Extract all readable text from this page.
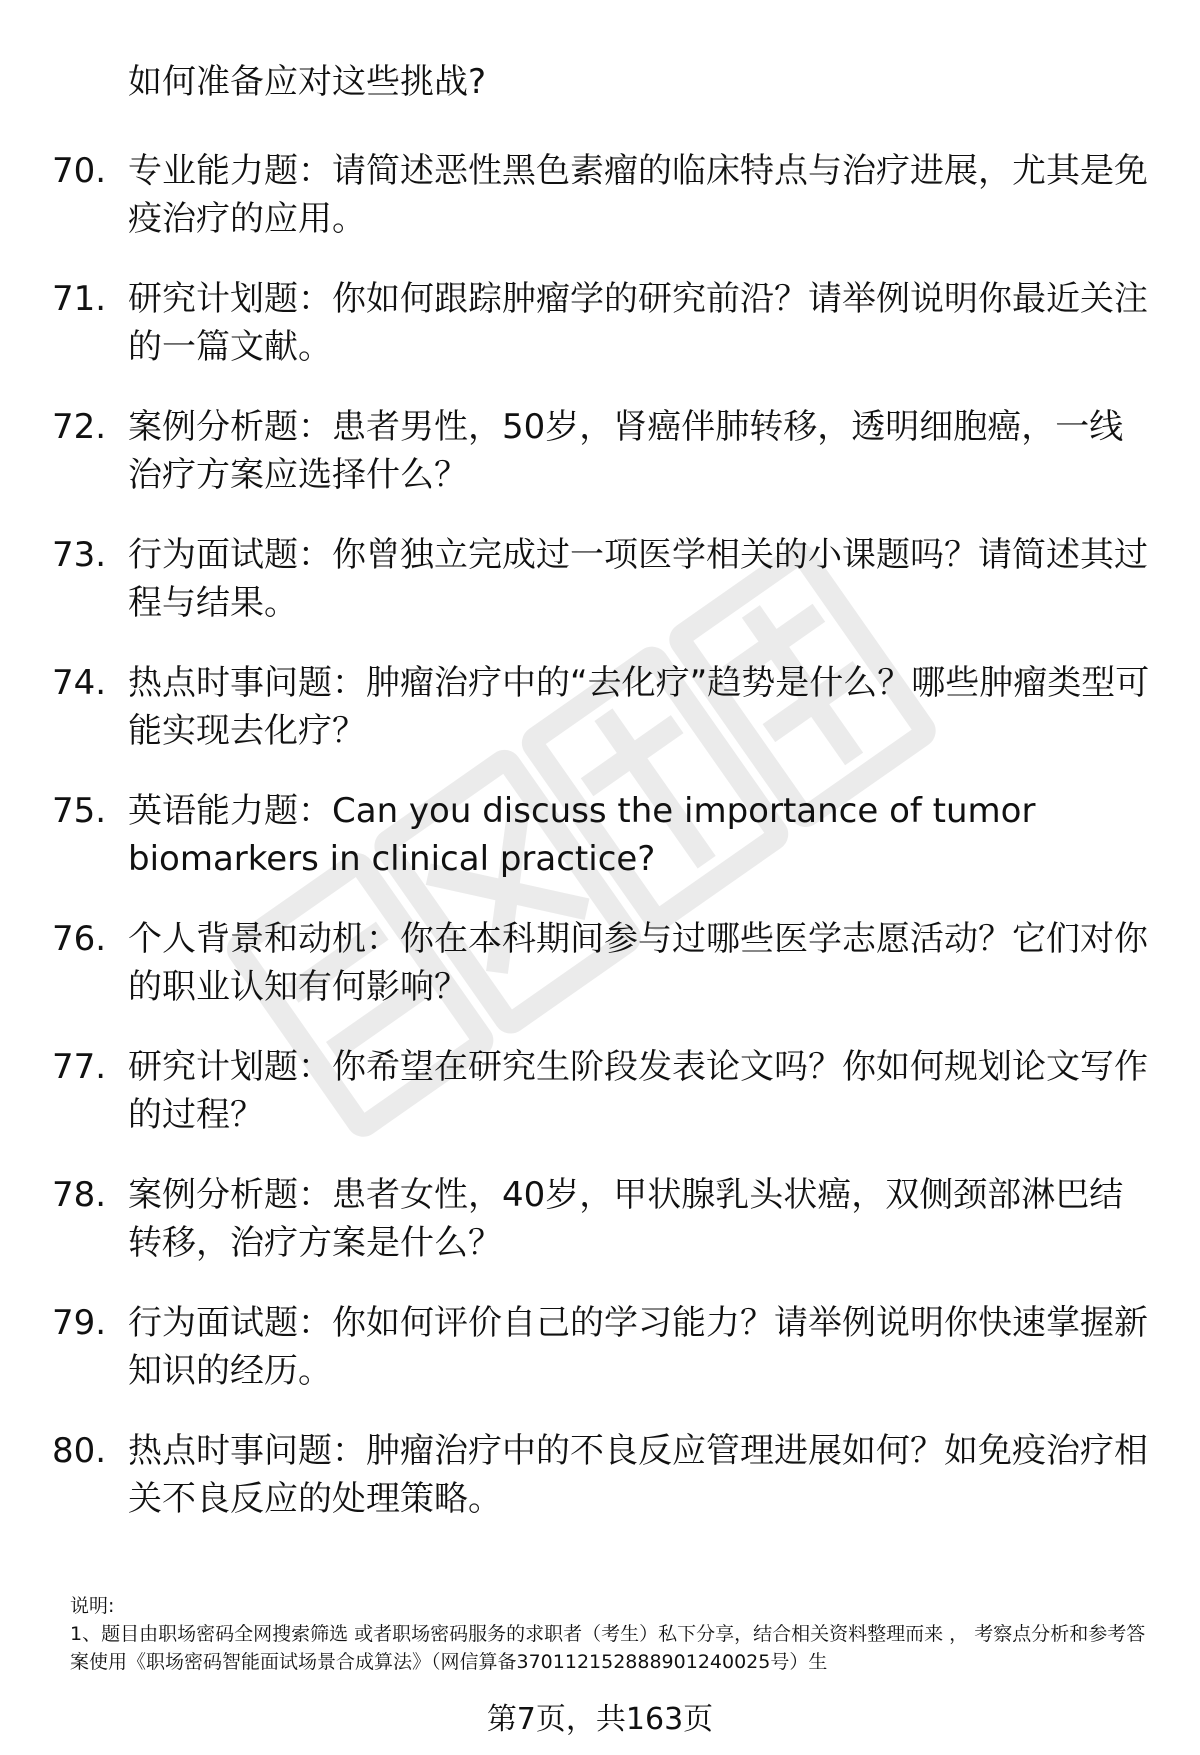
如何准备应对这些挑战?
70. 专业能力题：请简述恶性黑色素瘤的临床特点与治疗进展，尤其是免疫治疗的应用。
71. 研究计划题：你如何跟踪肿瘤学的研究前沿？请举例说明你最近关注的一篇文献。
72. 案例分析题：患者男性，50岁，肾癌伴肺转移，透明细胞癌，一线治疗方案应选择什么？
73. 行为面试题：你曾独立完成过一项医学相关的小课题吗？请简述其过程与结果。
74. 热点时事问题：肿瘤治疗中的“去化疗”趋势是什么？哪些肿瘤类型可能实现去化疗？
75. 英语能力题：Can you discuss the importance of tumor biomarkers in clinical practice?
76. 个人背景和动机：你在本科期间参与过哪些医学志愿活动？它们对你的职业认知有何影响？
77. 研究计划题：你希望在研究生阶段发表论文吗？你如何规划论文写作的过程？
78. 案例分析题：患者女性，40岁，甲状腺乳头状癌，双侧颈部淋巴结转移，治疗方案是什么？
79. 行为面试题：你如何评价自己的学习能力？请举例说明你快速掌握新知识的经历。
80. 热点时事问题：肿瘤治疗中的不良反应管理进展如何？如免疫治疗相关不良反应的处理策略。

说明:

1、题目由职场密码全网搜索筛选 或者职场密码服务的求职者（考生）私下分享，结合相关资料整理而来 ， 考察点分析和参考答案使用《职场密码智能面试场景合成算法》（网信算备370112152888901240025号）生

第7页，共163页
